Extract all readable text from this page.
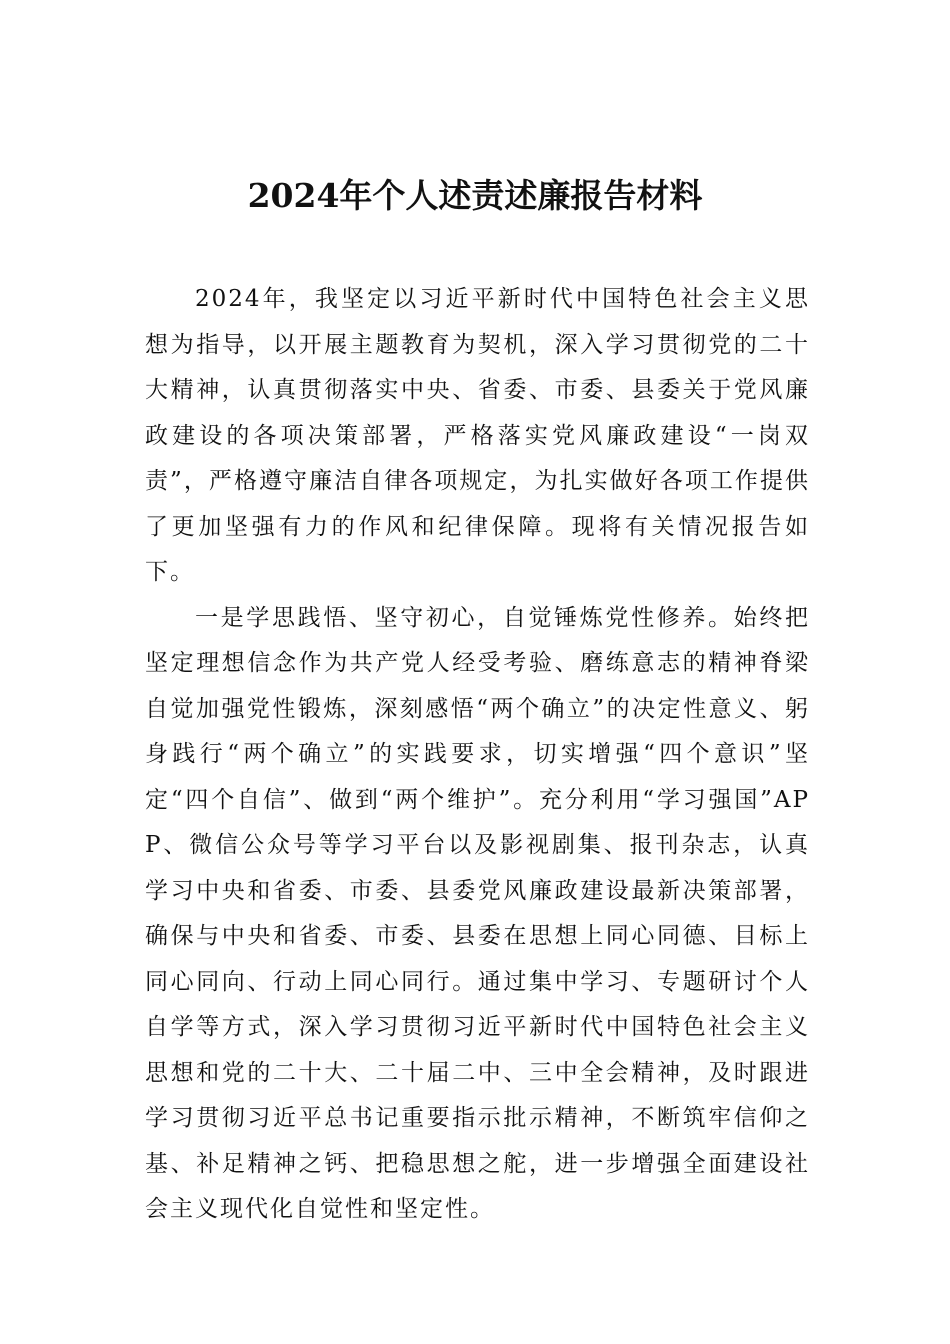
2024年个人述责述廉报告材料

2024年，我坚定以习近平新时代中国特色社会主义思想为指导，以开展主题教育为契机，深入学习贯彻党的二十大精神，认真贯彻落实中央、省委、市委、县委关于党风廉政建设的各项决策部署，严格落实党风廉政建设“一岗双责”，严格遵守廉洁自律各项规定，为扎实做好各项工作提供了更加坚强有力的作风和纪律保障。现将有关情况报告如下。

一是学思践悟、坚守初心，自觉锤炼党性修养。始终把坚定理想信念作为共产党人经受考验、磨练意志的精神脊梁自觉加强党性锻炼，深刻感悟“两个确立”的决定性意义、躬身践行“两个确立”的实践要求，切实增强“四个意识”坚定“四个自信”、做到“两个维护”。充分利用“学习强国”APP、微信公众号等学习平台以及影视剧集、报刊杂志，认真学习中央和省委、市委、县委党风廉政建设最新决策部署，确保与中央和省委、市委、县委在思想上同心同德、目标上同心同向、行动上同心同行。通过集中学习、专题研讨个人自学等方式，深入学习贯彻习近平新时代中国特色社会主义思想和党的二十大、二十届二中、三中全会精神，及时跟进学习贯彻习近平总书记重要指示批示精神，不断筑牢信仰之基、补足精神之钙、把稳思想之舵，进一步增强全面建设社会主义现代化自觉性和坚定性。
